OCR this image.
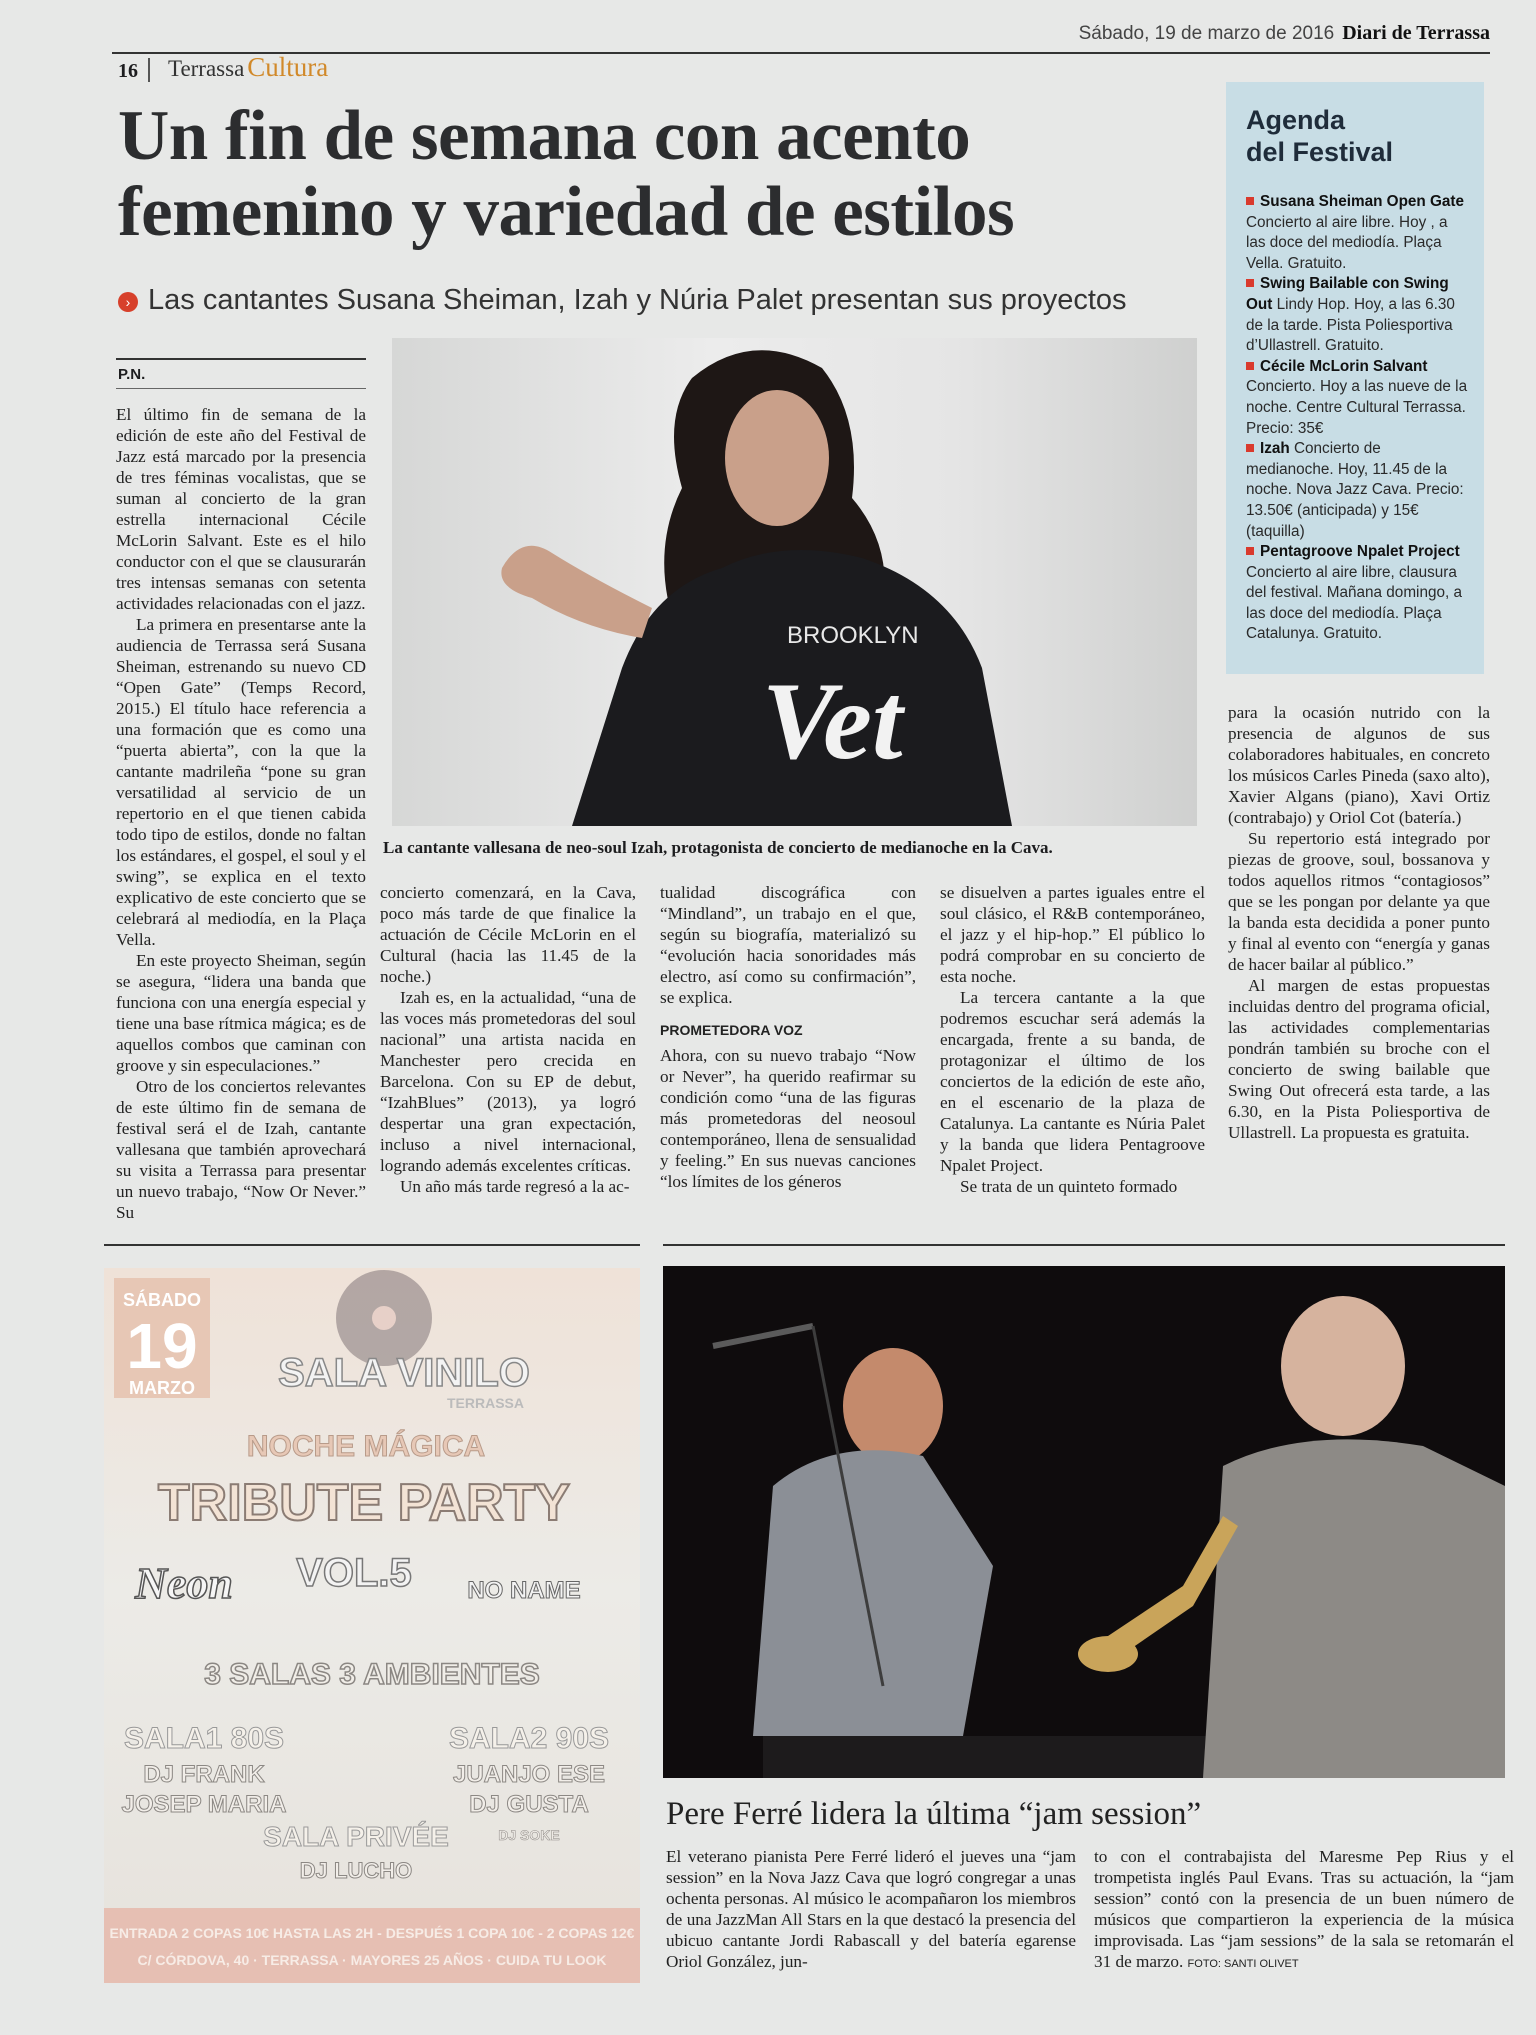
Sábado, 19 de marzo de 2016 Diari de Terrassa
16 Terrassa Cultura
Un fin de semana con acento
femenino y variedad de estilos
› Las cantantes Susana Sheiman, Izah y Núria Palet presentan sus proyectos
P.N.

El último fin de semana de la edición de este año del Festival de Jazz está marcado por la presencia de tres féminas vocalistas, que se suman al concierto de la gran estrella internacional Cécile McLorin Salvant. Este es el hilo conductor con el que se clausurarán tres intensas semanas con setenta actividades relacionadas con el jazz.

La primera en presentarse ante la audiencia de Terrassa será Susana Sheiman, estrenando su nuevo CD “Open Gate” (Temps Record, 2015.) El título hace referencia a una formación que es como una “puerta abierta”, con la que la cantante madrileña “pone su gran versatilidad al servicio de un repertorio en el que tienen cabida todo tipo de estilos, donde no faltan los estándares, el gospel, el soul y el swing”, se explica en el texto explicativo de este concierto que se celebrará al mediodía, en la Plaça Vella.

En este proyecto Sheiman, según se asegura, “lidera una banda que funciona con una energía especial y tiene una base rítmica mágica; es de aquellos combos que caminan con groove y sin especulaciones.”

Otro de los conciertos relevantes de este último fin de semana de festival será el de Izah, cantante vallesana que también aprovechará su visita a Terrassa para presentar un nuevo trabajo, “Now Or Never.” Su

BROOKLYN
Vet
La cantante vallesana de neo-soul Izah, protagonista de concierto de medianoche en la Cava.

concierto comenzará, en la Cava, poco más tarde de que finalice la actuación de Cécile McLorin en el Cultural (hacia las 11.45 de la noche.)

Izah es, en la actualidad, “una de las voces más prometedoras del soul nacional” una artista nacida en Manchester pero crecida en Barcelona. Con su EP de debut, “IzahBlues” (2013), ya logró despertar una gran expectación, incluso a nivel internacional, logrando además excelentes críticas.

Un año más tarde regresó a la ac-

tualidad discográfica con “Mindland”, un trabajo en el que, según su biografía, materializó su “evolución hacia sonoridades más electro, así como su confirmación”, se explica.

PROMETEDORA VOZ

Ahora, con su nuevo trabajo “Now or Never”, ha querido reafirmar su condición como “una de las figuras más prometedoras del neosoul contemporáneo, llena de sensualidad y feeling.” En sus nuevas canciones “los límites de los géneros

se disuelven a partes iguales entre el soul clásico, el R&B contemporáneo, el jazz y el hip-hop.” El público lo podrá comprobar en su concierto de esta noche.

La tercera cantante a la que podremos escuchar será además la encargada, frente a su banda, de protagonizar el último de los conciertos de la edición de este año, en el escenario de la plaza de Catalunya. La cantante es Núria Palet y la banda que lidera Pentagroove Npalet Project.

Se trata de un quinteto formado

para la ocasión nutrido con la presencia de algunos de sus colaboradores habituales, en concreto los músicos Carles Pineda (saxo alto), Xavier Algans (piano), Xavi Ortiz (contrabajo) y Oriol Cot (batería.)

Su repertorio está integrado por piezas de groove, soul, bossanova y todos aquellos ritmos “contagiosos” que se les pongan por delante ya que la banda esta decidida a poner punto y final al evento con “energía y ganas de hacer bailar al público.”

Al margen de estas propuestas incluidas dentro del programa oficial, las actividades complementarias pondrán también su broche con el concierto de swing bailable que Swing Out ofrecerá esta tarde, a las 6.30, en la Pista Poliesportiva de Ullastrell. La propuesta es gratuita.

Agenda
del Festival
Susana Sheiman Open Gate Concierto al aire libre. Hoy , a las doce del mediodía. Plaça Vella. Gratuito.
Swing Bailable con Swing Out Lindy Hop. Hoy, a las 6.30 de la tarde. Pista Poliesportiva d’Ullastrell. Gratuito.
Cécile McLorin Salvant Concierto. Hoy a las nueve de la noche. Centre Cultural Terrassa. Precio: 35€
Izah Concierto de medianoche. Hoy, 11.45 de la noche. Nova Jazz Cava. Precio: 13.50€ (anticipada) y 15€ (taquilla)
Pentagroove Npalet Project Concierto al aire libre, clausura del festival. Mañana domingo, a las doce del mediodía. Plaça Catalunya. Gratuito.
SÁBADO
19
MARZO SALA VINILO
TERRASSA
NOCHE MÁGICA
TRIBUTE PARTY
Neon VOL.5 NO NAME
3 SALAS 3 AMBIENTES
SALA1 80S
DJ FRANK
JOSEP MARIA
SALA2 90S
JUANJO ESE
DJ GUSTA
DJ SOKE
SALA PRIVÉE
DJ LUCHO
ENTRADA 2 COPAS 10€ HASTA LAS 2H - DESPUÉS 1 COPA 10€ - 2 COPAS 12€
C/ CÓRDOVA, 40 · TERRASSA · MAYORES 25 AÑOS · CUIDA TU LOOK
Pere Ferré lidera la última “jam session”
El veterano pianista Pere Ferré lideró el jueves una “jam session” en la Nova Jazz Cava que logró congregar a unas ochenta personas. Al músico le acompañaron los miembros de una JazzMan All Stars en la que destacó la presencia del ubicuo cantante Jordi Rabascall y del batería egarense Oriol González, jun-
to con el contrabajista del Maresme Pep Rius y el trompetista inglés Paul Evans. Tras su actuación, la “jam session” contó con la presencia de un buen número de músicos que compartieron la experiencia de la música improvisada. Las “jam sessions” de la sala se retomarán el 31 de marzo. FOTO: SANTI OLIVET
